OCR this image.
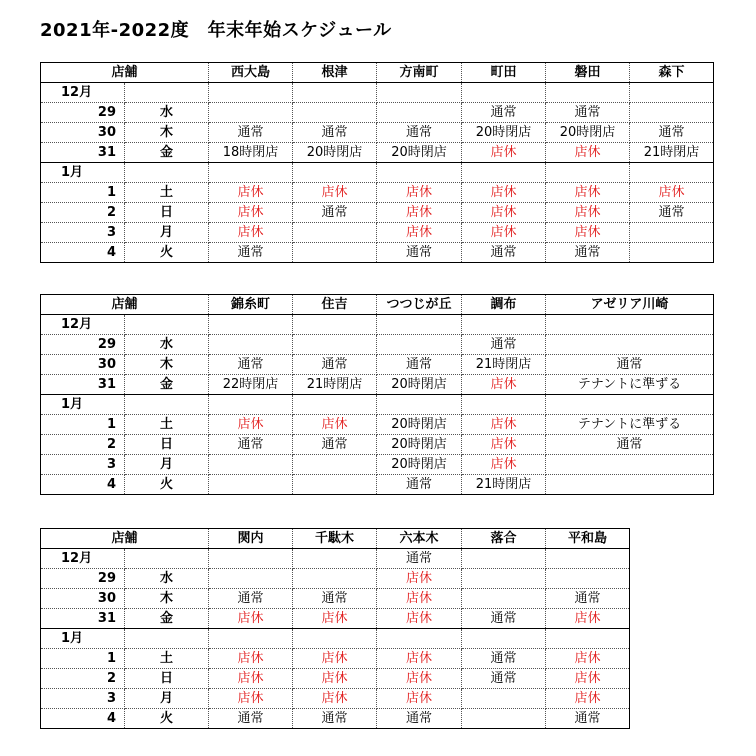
2021年-2022度　年末年始スケジュール
店舗		西大島	根津	方南町	町田	磐田	森下
12月							
29	水				通常	通常	
30	木	通常	通常	通常	20時閉店	20時閉店	通常
31	金	18時閉店	20時閉店	20時閉店	店休	店休	21時閉店
1月							
1	土	店休	店休	店休	店休	店休	店休
2	日	店休	通常	店休	店休	店休	通常
3	月	店休		店休	店休	店休	
4	火	通常		通常	通常	通常	
店舗		錦糸町	住吉	つつじが丘	調布	アゼリア川崎
12月						
29	水				通常	
30	木	通常	通常	通常	21時閉店	通常
31	金	22時閉店	21時閉店	20時閉店	店休	テナントに準ずる
1月						
1	土	店休	店休	20時閉店	店休	テナントに準ずる
2	日	通常	通常	20時閉店	店休	通常
3	月			20時閉店	店休	
4	火			通常	21時閉店	
店舗		関内	千駄木	六本木	落合	平和島
12月				通常		
29	水			店休		
30	木	通常	通常	店休		通常
31	金	店休	店休	店休	通常	店休
1月						
1	土	店休	店休	店休	通常	店休
2	日	店休	店休	店休	通常	店休
3	月	店休	店休	店休		店休
4	火	通常	通常	通常		通常
